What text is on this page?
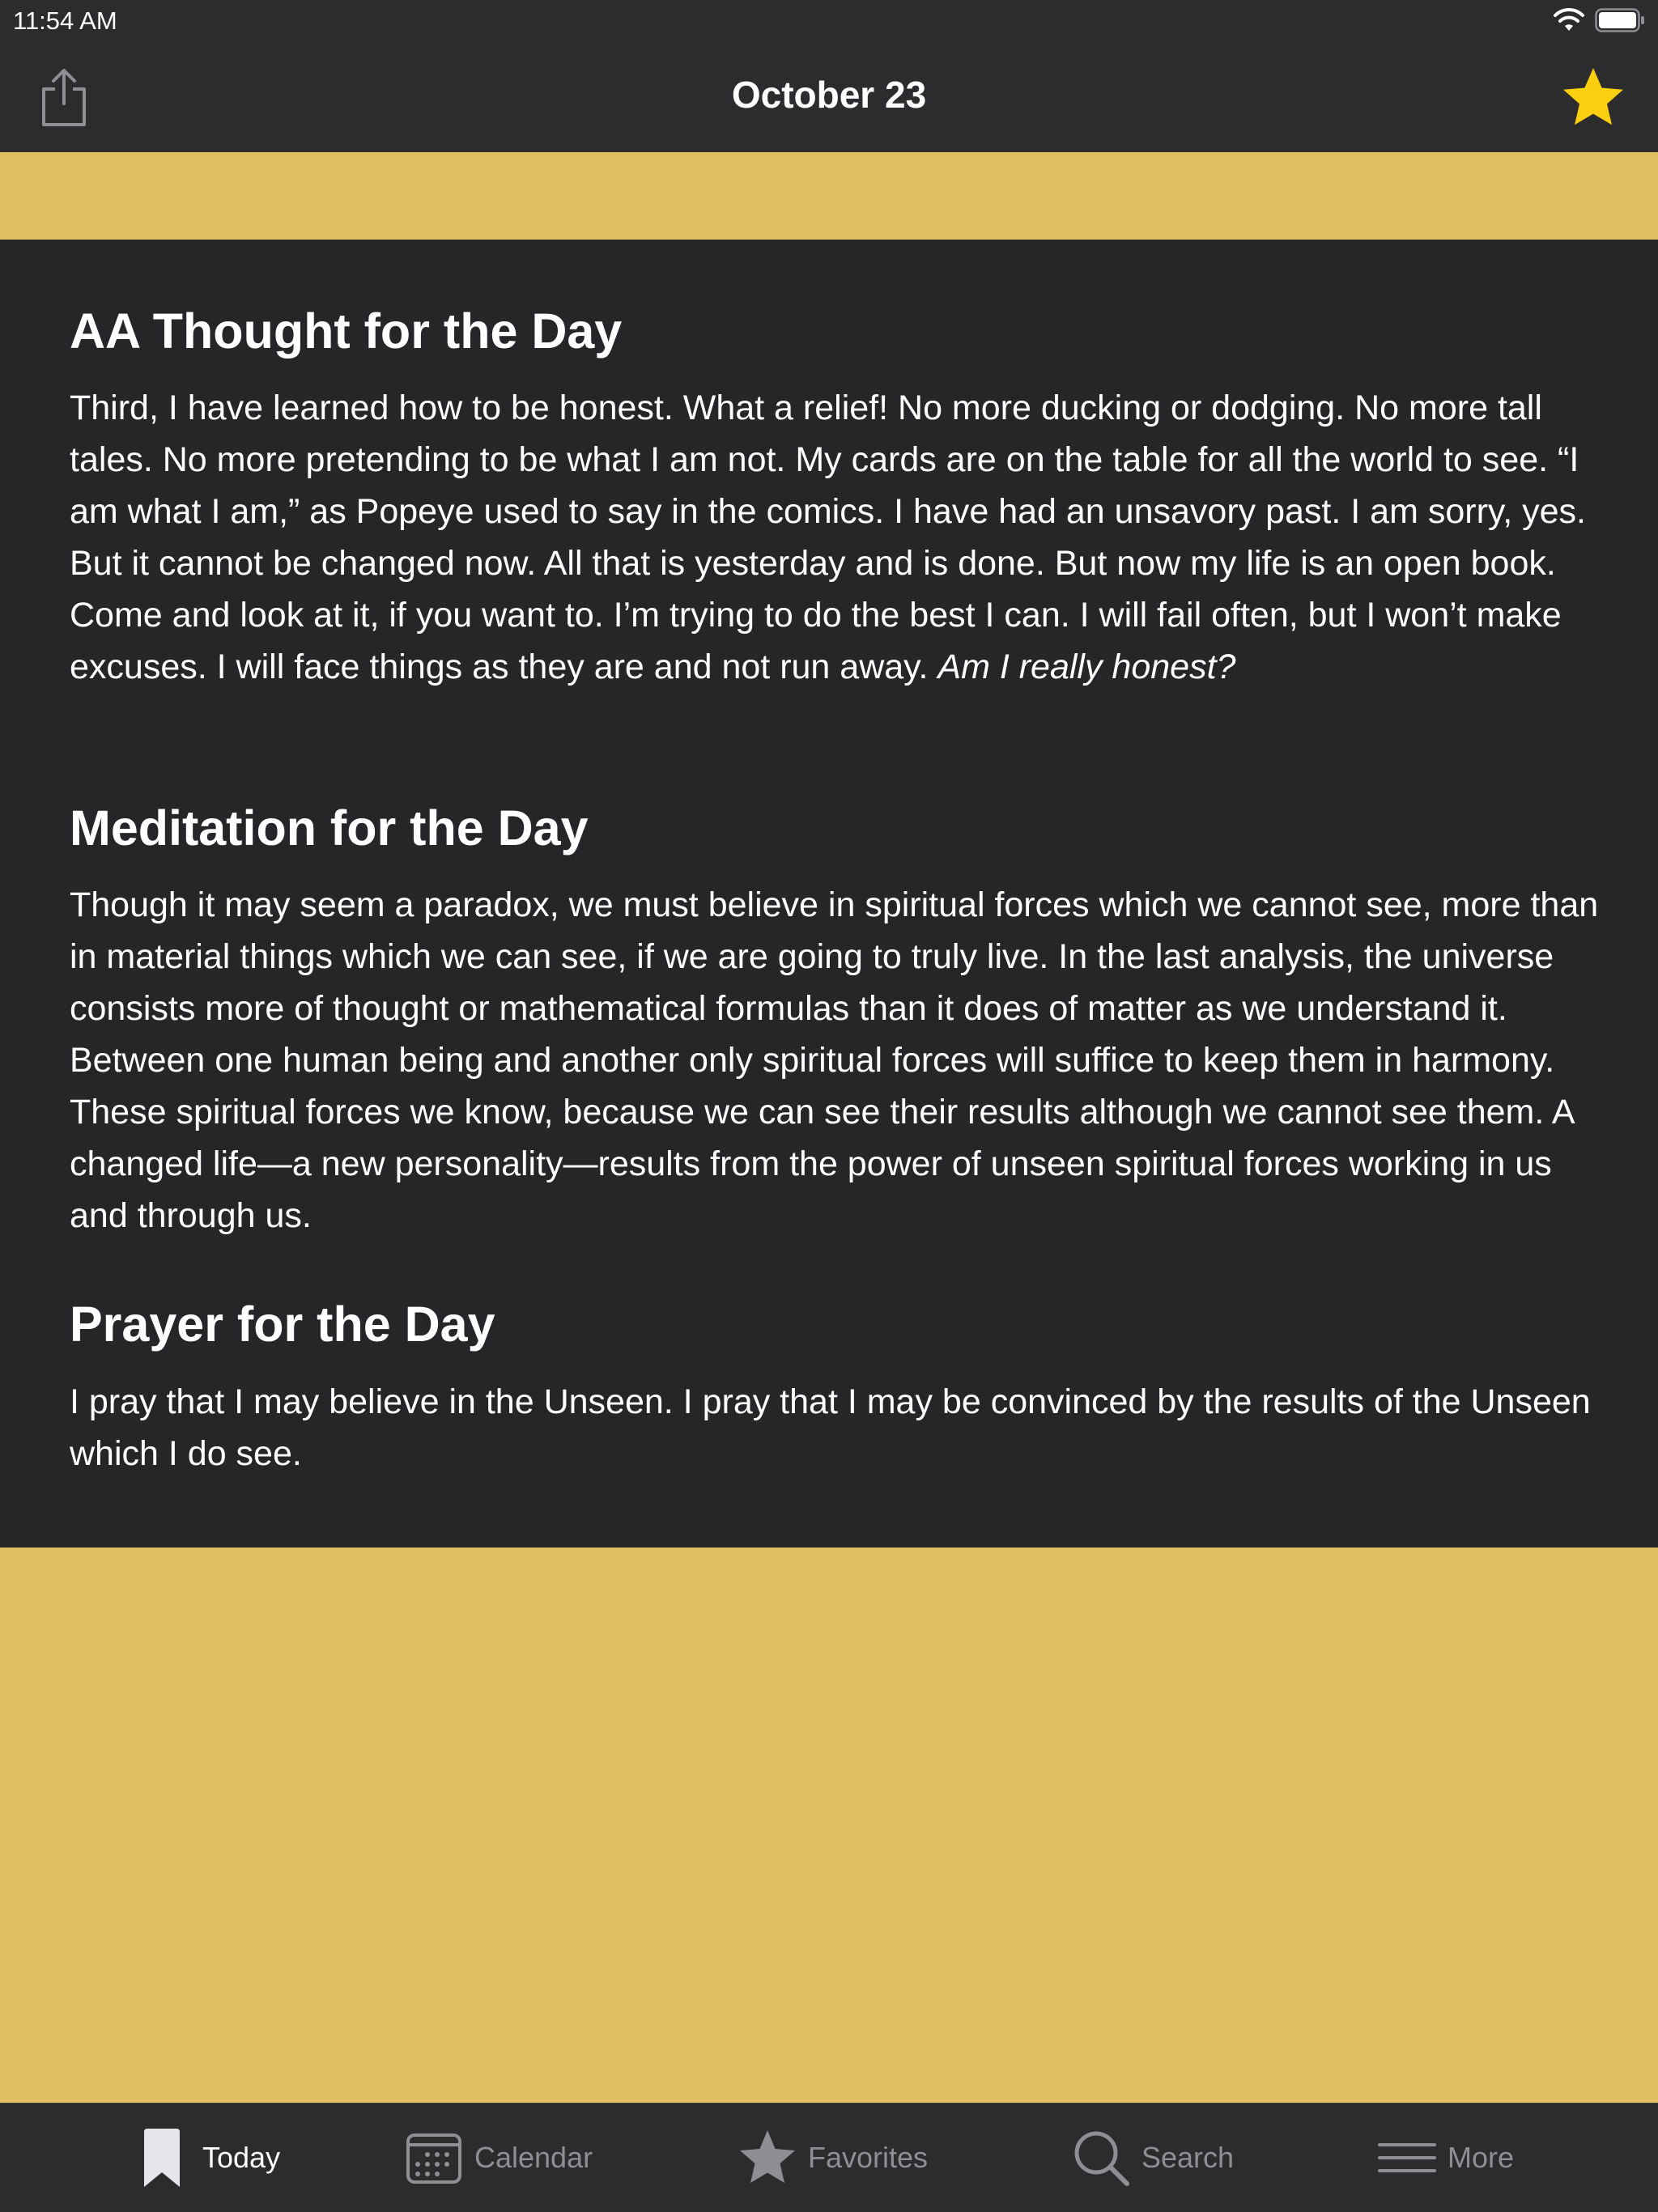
11:54 AM
October 23
AA Thought for the Day

Third, I have learned how to be honest. What a relief! No more ducking or dodging. No more tall tales. No more pretending to be what I am not. My cards are on the table for all the world to see. “I am what I am,” as Popeye used to say in the comics. I have had an unsavory past. I am sorry, yes. But it cannot be changed now. All that is yesterday and is done. But now my life is an open book. Come and look at it, if you want to. I’m trying to do the best I can. I will fail often, but I won’t make excuses. I will face things as they are and not run away. Am I really honest?

Meditation for the Day

Though it may seem a paradox, we must believe in spiritual forces which we cannot see, more than in material things which we can see, if we are going to truly live. In the last analysis, the universe consists more of thought or mathematical formulas than it does of matter as we understand it. Between one human being and another only spiritual forces will suffice to keep them in harmony. These spiritual forces we know, because we can see their results although we cannot see them. A changed life—a new personality—results from the power of unseen spiritual forces working in us and through us.

Prayer for the Day

I pray that I may believe in the Unseen. I pray that I may be convinced by the results of the Unseen which I do see.

Today	Calendar	Favorites	Search	More
